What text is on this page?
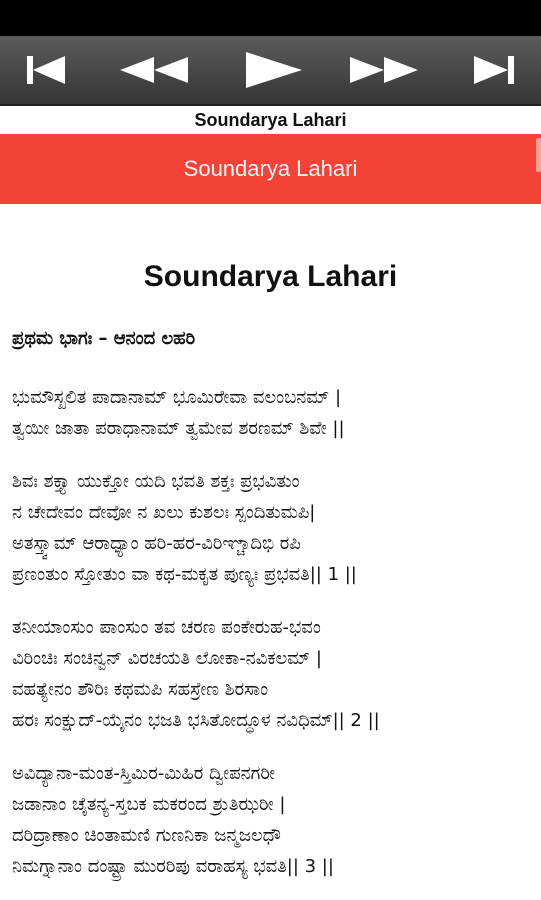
Soundarya Lahari
Soundarya Lahari
Soundarya Lahari
ಪ್ರಥಮ ಭಾಗಃ – ಆನಂದ ಲಹರಿ
ಭುಮೌಸ್ಖಲಿತ ಪಾದಾನಾಮ್ ಭೂಮಿರೇವಾ ವಲಂಬನಮ್ |
ತ್ವಯೀ ಜಾತಾ ಪರಾಧಾನಾಮ್ ತ್ವಮೇವ ಶರಣಮ್ ಶಿವೇ ||
ಶಿವಃ ಶಕ್ತ್ಯಾ ಯುಕ್ತೋ ಯದಿ ಭವತಿ ಶಕ್ತಃ ಪ್ರಭವಿತುಂ
ನ ಚೇದೇವಂ ದೇವೋ ನ ಖಲು ಕುಶಲಃ ಸ್ಪಂದಿತುಮಪಿ|
ಅತಸ್ತ್ವಾಮ್ ಆರಾಧ್ಯಾಂ ಹರಿ-ಹರ-ವಿರಿಞ್ಚಾದಿಭಿ ರಪಿ
ಪ್ರಣಂತುಂ ಸ್ತೋತುಂ ವಾ ಕಥ-ಮಕೃತ ಪುಣ್ಯಃ ಪ್ರಭವತಿ|| 1 ||
ತನೀಯಾಂಸುಂ ಪಾಂಸುಂ ತವ ಚರಣ ಪಂಕೇರುಹ-ಭವಂ
ವಿರಿಂಚಿಃ ಸಂಚಿನ್ವನ್ ವಿರಚಯತಿ ಲೋಕಾ-ನವಿಕಲಮ್ |
ವಹತ್ಯೇನಂ ಶೌರಿಃ ಕಥಮಪಿ ಸಹಸ್ರೇಣ ಶಿರಸಾಂ
ಹರಃ ಸಂಕ್ಷುದ್-ಯೈನಂ ಭಜತಿ ಭಸಿತೋದ್ಧೂಳ ನವಿಧಿಮ್|| 2 ||
ಅವಿದ್ಯಾನಾ-ಮಂತ-ಸ್ತಿಮಿರ-ಮಿಹಿರ ದ್ವೀಪನಗರೀ
ಜಡಾನಾಂ ಚೈತನ್ಯ-ಸ್ತಬಕ ಮಕರಂದ ಶ್ರುತಿಝರೀ |
ದರಿದ್ರಾಣಾಂ ಚಿಂತಾಮಣಿ ಗುಣನಿಕಾ ಜನ್ಮಜಲಧೌ
ನಿಮಗ್ನಾನಾಂ ದಂಷ್ಟ್ರಾ ಮುರರಿಪು ವರಾಹಸ್ಯ ಭವತಿ|| 3 ||
